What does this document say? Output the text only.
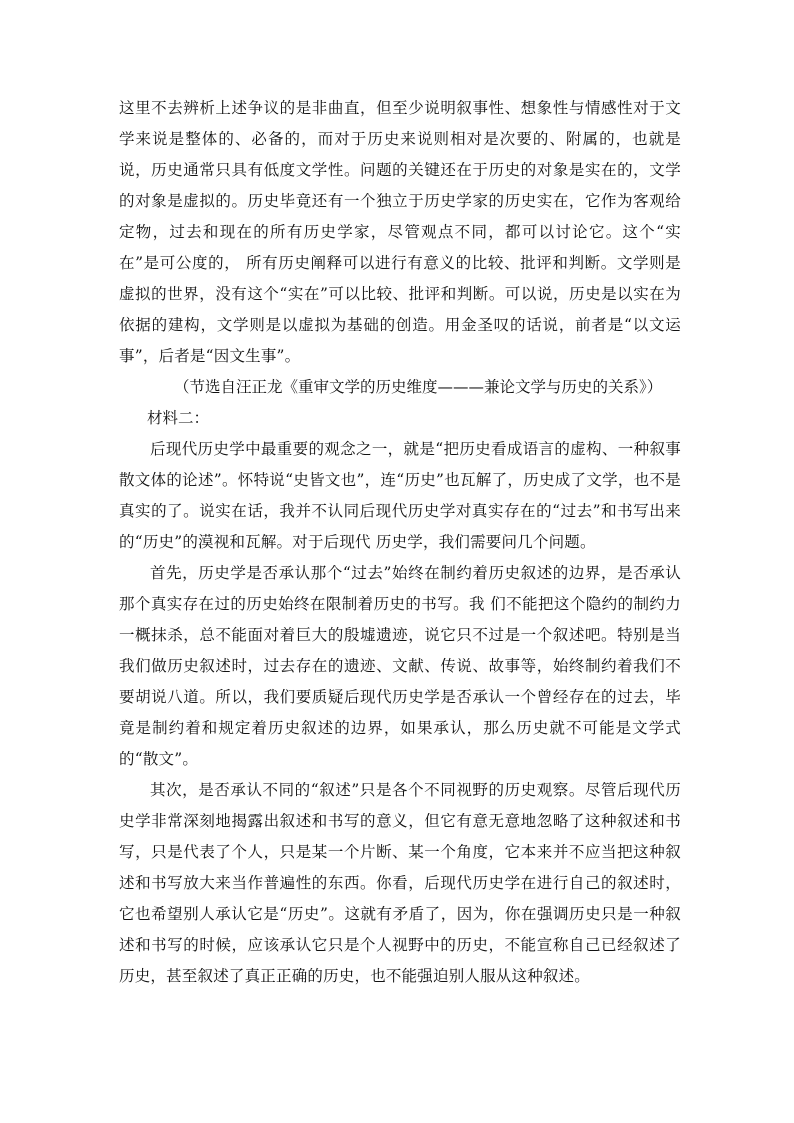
这里不去辨析上述争议的是非曲直，但至少说明叙事性、想象性与情感性对于文学来说是整体的、必备的，而对于历史来说则相对是次要的、附属的，也就是说，历史通常只具有低度文学性。问题的关键还在于历史的对象是实在的，文学的对象是虚拟的。历史毕竟还有一个独立于历史学家的历史实在，它作为客观给定物，过去和现在的所有历史学家，尽管观点不同，都可以讨论它。这个“实在”是可公度的， 所有历史阐释可以进行有意义的比较、批评和判断。文学则是虚拟的世界，没有这个“实在”可以比较、批评和判断。可以说，历史是以实在为依据的建构，文学则是以虚拟为基础的创造。用金圣叹的话说，前者是“以文运事”，后者是“因文生事”。

（节选自汪正龙《重审文学的历史维度———兼论文学与历史的关系》）

材料二：

后现代历史学中最重要的观念之一，就是“把历史看成语言的虚构、一种叙事散文体的论述”。怀特说“史皆文也”，连“历史”也瓦解了，历史成了文学，也不是真实的了。说实在话，我并不认同后现代历史学对真实存在的“过去”和书写出来的“历史”的漠视和瓦解。对于后现代 历史学，我们需要问几个问题。

首先，历史学是否承认那个“过去”始终在制约着历史叙述的边界，是否承认那个真实存在过的历史始终在限制着历史的书写。我 们不能把这个隐约的制约力一概抹杀，总不能面对着巨大的殷墟遗迹，说它只不过是一个叙述吧。特别是当我们做历史叙述时，过去存在的遗迹、文献、传说、故事等，始终制约着我们不要胡说八道。所以，我们要质疑后现代历史学是否承认一个曾经存在的过去，毕竟是制约着和规定着历史叙述的边界，如果承认，那么历史就不可能是文学式的“散文”。

其次，是否承认不同的“叙述”只是各个不同视野的历史观察。尽管后现代历史学非常深刻地揭露出叙述和书写的意义，但它有意无意地忽略了这种叙述和书写，只是代表了个人，只是某一个片断、某一个角度，它本来并不应当把这种叙述和书写放大来当作普遍性的东西。你看，后现代历史学在进行自己的叙述时，它也希望别人承认它是“历史”。这就有矛盾了，因为，你在强调历史只是一种叙述和书写的时候，应该承认它只是个人视野中的历史，不能宣称自己已经叙述了历史，甚至叙述了真正正确的历史，也不能强迫别人服从这种叙述。
